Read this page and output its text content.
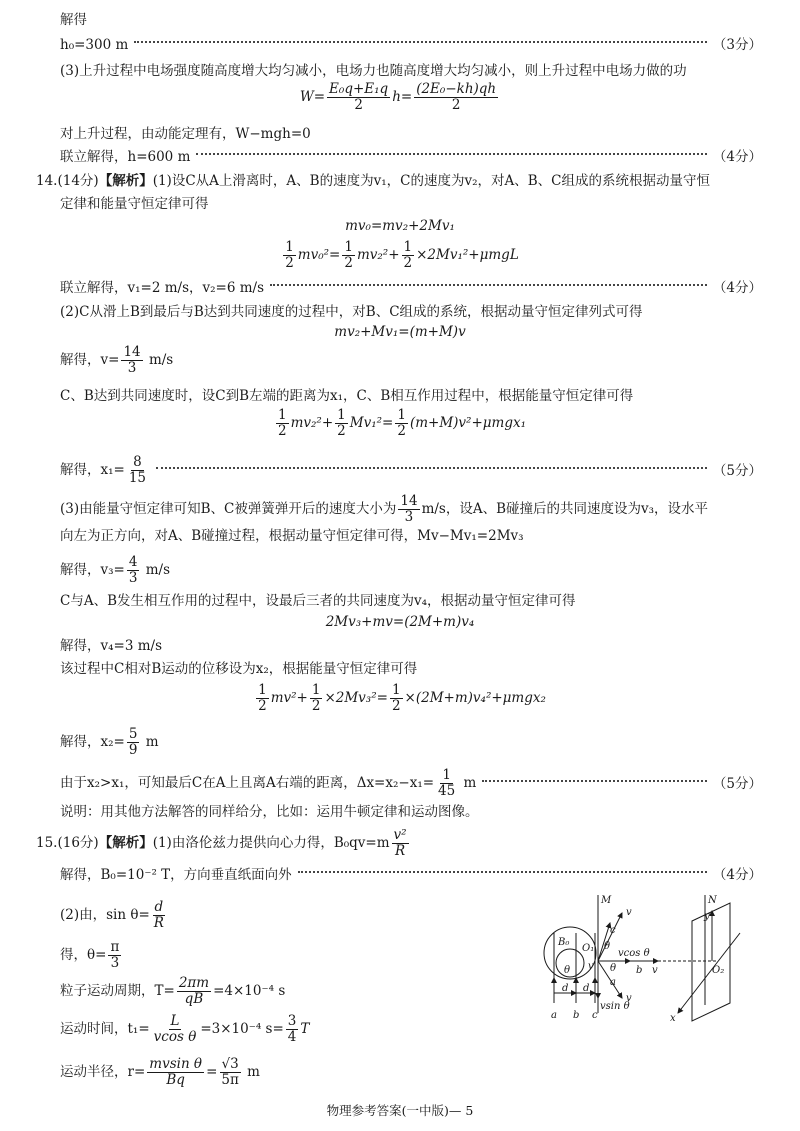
解得
h₀=300 m	（3分）
(3)上升过程中电场强度随高度增大均匀减小，电场力也随高度增大均匀减小，则上升过程中电场力做的功
$W= \frac{\text{E₀q+E₁q}}{2} h= \frac{\text{(2E₀−kh)qh}}{2}$
对上升过程，由动能定理有，W−mgh=0
联立解得，h=600 m	（4分）
14.(14分)【解析】(1)设C从A上滑离时，A、B的速度为v₁，C的速度为v₂，对A、B、C组成的系统根据动量守恒
定律和能量守恒定律可得
mv₀=mv₂+2Mv₁
$\frac{1}{2} mv_0^2= \frac{1}{2} mv_2^2+ \frac{1}{2} \times 2Mv_1^2+\mu mgL$
联立解得，v₁=2 m/s，v₂=6 m/s	（4分）
(2)C从滑上B到最后与B达到共同速度的过程中，对B、C组成的系统，根据动量守恒定律列式可得
mv₂+Mv₁=(m+M)v
解得，$v= \frac{14}{3} m/s$
C、B达到共同速度时，设C到B左端的距离为x₁，C、B相互作用过程中，根据能量守恒定律可得
$\frac{1}{2} mv_2^2+ \frac{1}{2} Mv_1^2= \frac{1}{2} (m+M)v^2+\mu mgx_1$
解得，$x_1= \frac{8}{15}$	（5分）
(3)由能量守恒定律可知B、C被弹簧弹开后的速度大小为 $\frac{14}{3} m/s$，设A、B碰撞后的共同速度设为v₃，设水平
向左为正方向，对A、B碰撞过程，根据动量守恒定律可得，Mv−Mv₁=2Mv₃
解得，$v_3= \frac{4}{3} m/s$
C与A、B发生相互作用的过程中，设最后三者的共同速度为v₄，根据动量守恒定律可得
2Mv₃+mv=(2M+m)v₄
解得，v₄=3 m/s
该过程中C相对B运动的位移设为x₂，根据能量守恒定律可得
$\frac{1}{2} mv^2+ \frac{1}{2} \times 2Mv_3^2= \frac{1}{2} \times(2M+m)v_4^2+\mu mgx_2$
解得，$x_2= \frac{5}{9}$ m
由于x₂>x₁，可知最后C在A上且离A右端的距离，$\Delta x=x_2-x_1= \frac{1}{45}$ m	（5分）
说明：用其他方法解答的同样给分，比如：运用牛顿定律和运动图像。
15.(16分)【解析】(1)由洛伦兹力提供向心力得，$B_0qv=m \frac{\text{v²}}{R}$
解得，B₀=10⁻² T，方向垂直纸面向外	（4分）
(2)由，$\sin \theta= \frac{d}{R}$
得，$\theta= \frac{\pi}{3}$
粒子运动周期，$T= \frac{2\pi m}{qB} =4\times 10^{-4}$ s
运动时间，$t_1= \frac{L}{\text{vcos θ}} =3\times 10^{-4}$ $s= \frac{3}{4}$ T
运动半径，$r= \frac{\text{mvsin θ}}{Bq} = \frac{√3}{5\pi}$ m
M	N
B₀
O₁
O₂
θ
θ
θ
vcos θ
vsin θ
v
v
v
v
a
b
c
d d
a b c
y
x
物理参考答案(一中版)— 5
